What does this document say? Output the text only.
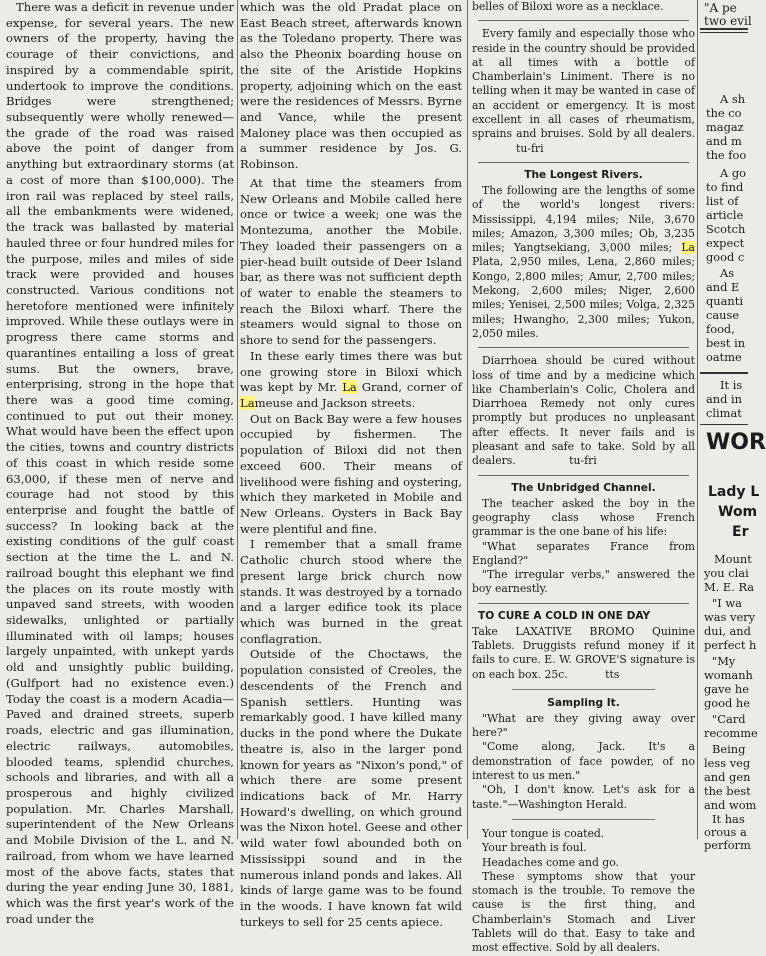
There was a deficit in revenue under expense, for several years. The new owners of the property, having the courage of their convictions, and inspired by a commendable spirit, undertook to improve the conditions. Bridges were strengthened; subsequently were wholly renewed—the grade of the road was raised above the point of danger from anything but extraordinary storms (at a cost of more than $100,000). The iron rail was replaced by steel rails, all the embankments were widened, the track was ballasted by material hauled three or four hundred miles for the purpose, miles and miles of side track were provided and houses constructed. Various conditions not heretofore mentioned were infinitely improved. While these outlays were in progress there came storms and quarantines entailing a loss of great sums. But the owners, brave, enterprising, strong in the hope that there was a good time coming, continued to put out their money. What would have been the effect upon the cities, towns and country districts of this coast in which reside some 63,000, if these men of nerve and courage had not stood by this enterprise and fought the battle of success? In looking back at the existing conditions of the gulf coast section at the time the L. and N. railroad bought this elephant we find the places on its route mostly with unpaved sand streets, with wooden sidewalks, unlighted or partially illuminated with oil lamps; houses largely unpainted, with unkept yards old and unsightly public building, (Gulfport had no existence even.) Today the coast is a modern Acadia—Paved and drained streets, superb roads, electric and gas illumination, electric railways, automobiles, blooded teams, splendid churches, schools and libraries, and with all a prosperous and highly civilized population. Mr. Charles Marshall, superintendent of the New Orleans and Mobile Division of the L. and N. railroad, from whom we have learned most of the above facts, states that during the year ending June 30, 1881, which was the first year's work of the road under the

which was the old Pradat place on East Beach street, afterwards known as the Toledano property. There was also the Pheonix boarding house on the site of the Aristide Hopkins property, adjoining which on the east were the residences of Messrs. Byrne and Vance, while the present Maloney place was then occupied as a summer residence by Jos. G. Robinson.

At that time the steamers from New Orleans and Mobile called here once or twice a week; one was the Montezuma, another the Mobile. They loaded their passengers on a pier-head built outside of Deer Island bar, as there was not sufficient depth of water to enable the steamers to reach the Biloxi wharf. There the steamers would signal to those on shore to send for the passengers.

In these early times there was but one growing store in Biloxi which was kept by Mr. La Grand, corner of Lameuse and Jackson streets.

Out on Back Bay were a few houses occupied by fishermen. The population of Biloxi did not then exceed 600. Their means of livelihood were fishing and oystering, which they marketed in Mobile and New Orleans. Oysters in Back Bay were plentiful and fine.

I remember that a small frame Catholic church stood where the present large brick church now stands. It was destroyed by a tornado and a larger edifice took its place which was burned in the great conflagration.

Outside of the Choctaws, the population consisted of Creoles, the descendents of the French and Spanish settlers. Hunting was remarkably good. I have killed many ducks in the pond where the Dukate theatre is, also in the larger pond known for years as "Nixon's pond," of which there are some present indications back of Mr. Harry Howard's dwelling, on which ground was the Nixon hotel. Geese and other wild water fowl abounded both on Mississippi sound and in the numerous inland ponds and lakes. All kinds of large game was to be found in the woods. I have known fat wild turkeys to sell for 25 cents apiece.

belles of Biloxi wore as a necklace.

Every family and especially those who reside in the country should be provided at all times with a bottle of Chamberlain's Liniment. There is no telling when it may be wanted in case of an accident or emergency. It is most excellent in all cases of rheumatism, sprains and bruises. Sold by all dealers. tu-fri

The Longest Rivers.

The following are the lengths of some of the world's longest rivers: Mississippi, 4,194 miles; Nile, 3,670 miles; Amazon, 3,300 miles; Ob, 3,235 miles; Yangtsekiang, 3,000 miles; La Plata, 2,950 miles, Lena, 2,860 miles; Kongo, 2,800 miles; Amur, 2,700 miles; Mekong, 2,600 miles; Niger, 2,600 miles; Yenisei, 2,500 miles; Volga, 2,325 miles; Hwangho, 2,300 miles; Yukon, 2,050 miles.

Diarrhoea should be cured without loss of time and by a medicine which like Chamberlain's Colic, Cholera and Diarrhoea Remedy not only cures promptly but produces no unpleasant after effects. It never fails and is pleasant and safe to take. Sold by all dealers.	tu-fri

The Unbridged Channel.

The teacher asked the boy in the geography class whose French grammar is the one bane of his life:

"What separates France from England?"

"The irregular verbs," answered the boy earnestly.

TO CURE A COLD IN ONE DAY

Take LAXATIVE BROMO Quinine Tablets. Druggists refund money if it fails to cure. E. W. GROVE'S signature is on each box. 25c.	tts

Sampling It.

"What are they giving away over here?"

"Come along, Jack. It's a demonstration of face powder, of no interest to us men."

"Oh, I don't know. Let's ask for a taste."—Washington Herald.

Your tongue is coated.

Your breath is foul.

Headaches come and go.

These symptoms show that your stomach is the trouble. To remove the cause is the first thing, and Chamberlain's Stomach and Liver Tablets will do that. Easy to take and most effective. Sold by all dealers.

"A pe
two evil
A sh
the co
magaz
and m
the foo
A go
to find
list of
article
Scotch
expect
good c
As
and E
quanti
cause
food,
best in
oatme
It is
and in
climat
WOR
Lady L
Wom
Er
Mount
you clai
M. E. Ra
"I wa
was very
dui, and
perfect h
"My
womanh
gave he
good he
"Card
recomme
Being
less veg
and gen
the best
and wom
It has
orous a
perform
